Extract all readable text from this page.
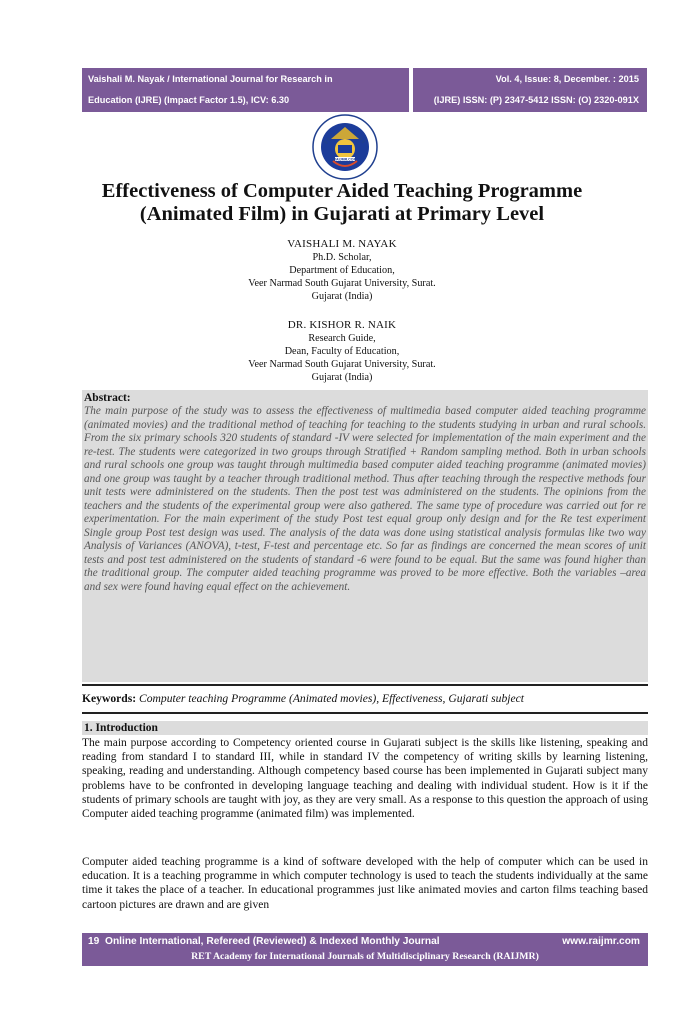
Vaishali M. Nayak / International Journal for Research in
Education (IJRE) (Impact Factor 1.5), ICV: 6.30
Vol. 4, Issue: 8, December. : 2015
(IJRE) ISSN: (P) 2347-5412 ISSN: (O) 2320-091X
RAIJMR.COM
Effectiveness of Computer Aided Teaching Programme (Animated Film) in Gujarati at Primary Level
VAISHALI M. NAYAK
Ph.D. Scholar,
Department of Education,
Veer Narmad South Gujarat University, Surat.
Gujarat (India)
DR. KISHOR R. NAIK
Research Guide,
Dean, Faculty of Education,
Veer Narmad South Gujarat University, Surat.
Gujarat (India)
Abstract:
The main purpose of the study was to assess the effectiveness of multimedia based computer aided teaching programme (animated movies) and the traditional method of teaching for teaching to the students studying in urban and rural schools. From the six primary schools 320 students of standard -IV were selected for implementation of the main experiment and the re-test. The students were categorized in two groups through Stratified + Random sampling method. Both in urban schools and rural schools one group was taught through multimedia based computer aided teaching programme (animated movies) and one group was taught by a teacher through traditional method. Thus after teaching through the respective methods four unit tests were administered on the students. Then the post test was administered on the students. The opinions from the teachers and the students of the experimental group were also gathered. The same type of procedure was carried out for re experimentation. For the main experiment of the study Post test equal group only design and for the Re test experiment Single group Post test design was used. The analysis of the data was done using statistical analysis formulas like two way Analysis of Variances (ANOVA), t-test, F-test and percentage etc. So far as findings are concerned the mean scores of unit tests and post test administered on the students of standard -6 were found to be equal. But the same was found higher than the traditional group. The computer aided teaching programme was proved to be more effective. Both the variables –area and sex were found having equal effect on the achievement.
Keywords: Computer teaching Programme (Animated movies), Effectiveness, Gujarati subject
1. Introduction
The main purpose according to Competency oriented course in Gujarati subject is the skills like listening, speaking and reading from standard I to standard III, while in standard IV the competency of writing skills by learning listening, speaking, reading and understanding. Although competency based course has been implemented in Gujarati subject many problems have to be confronted in developing language teaching and dealing with individual student. How is it if the students of primary schools are taught with joy, as they are very small. As a response to this question the approach of using Computer aided teaching programme (animated film) was implemented.
Computer aided teaching programme is a kind of software developed with the help of computer which can be used in education. It is a teaching programme in which computer technology is used to teach the students individually at the same time it takes the place of a teacher. In educational programmes just like animated movies and carton films teaching based cartoon pictures are drawn and are given
19 Online International, Refereed (Reviewed) & Indexed Monthly Journal	www.raijmr.com
RET Academy for International Journals of Multidisciplinary Research (RAIJMR)
